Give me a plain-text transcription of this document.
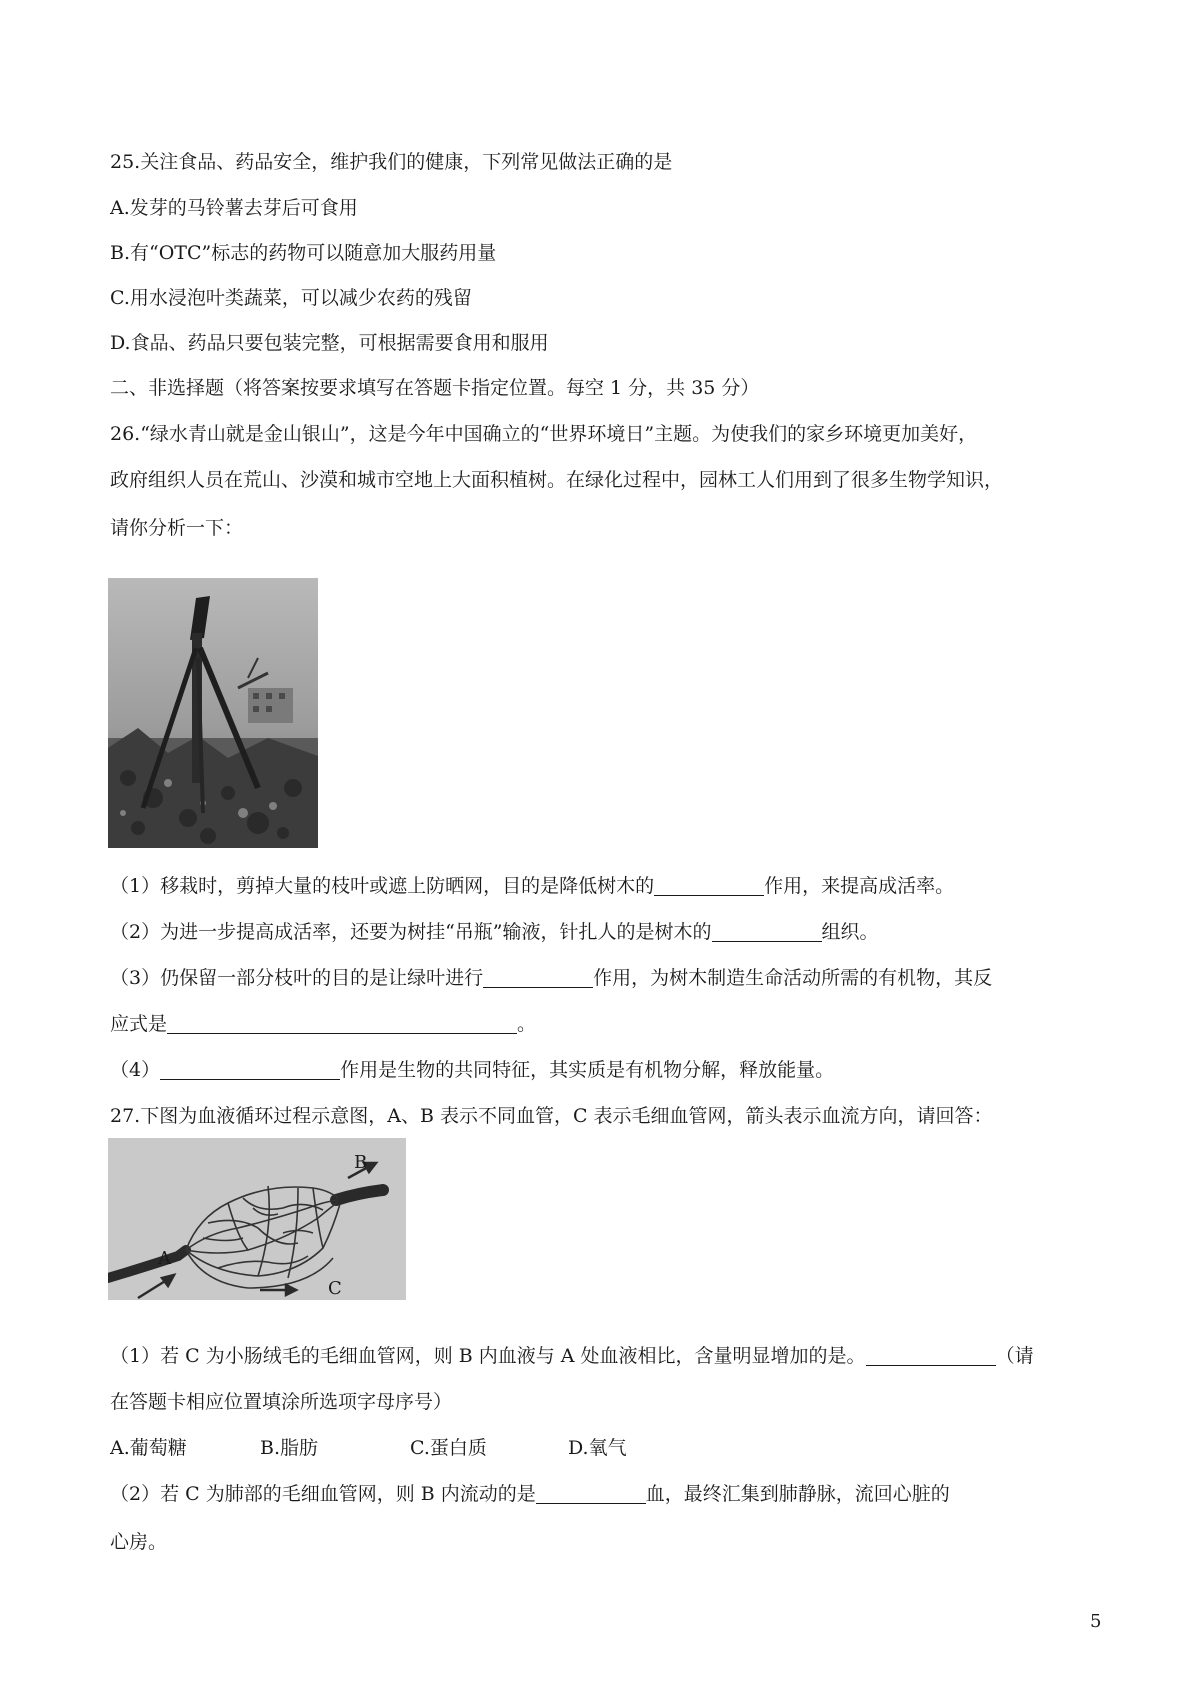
25.关注食品、药品安全，维护我们的健康，下列常见做法正确的是
A.发芽的马铃薯去芽后可食用
B.有“OTC”标志的药物可以随意加大服药用量
C.用水浸泡叶类蔬菜，可以减少农药的残留
D.食品、药品只要包装完整，可根据需要食用和服用
二、非选择题（将答案按要求填写在答题卡指定位置。每空 1 分，共 35 分）
26.“绿水青山就是金山银山”，这是今年中国确立的“世界环境日”主题。为使我们的家乡环境更加美好，
政府组织人员在荒山、沙漠和城市空地上大面积植树。在绿化过程中，园林工人们用到了很多生物学知识，
请你分析一下：
（1）移栽时，剪掉大量的枝叶或遮上防晒网，目的是降低树木的	作用，来提高成活率。
（2）为进一步提高成活率，还要为树挂“吊瓶”输液，针扎人的是树木的	组织。
（3）仍保留一部分枝叶的目的是让绿叶进行	作用，为树木制造生命活动所需的有机物，其反
应式是	。
（4）	作用是生物的共同特征，其实质是有机物分解，释放能量。
27.下图为血液循环过程示意图，A、B 表示不同血管，C 表示毛细血管网，箭头表示血流方向，请回答：
A
B
C
（1）若 C 为小肠绒毛的毛细血管网，则 B 内血液与 A 处血液相比，含量明显增加的是。	（请
在答题卡相应位置填涂所选项字母序号）
A.葡萄糖	B.脂肪	C.蛋白质	D.氧气
（2）若 C 为肺部的毛细血管网，则 B 内流动的是	血，最终汇集到肺静脉，流回心脏的
心房。
5
